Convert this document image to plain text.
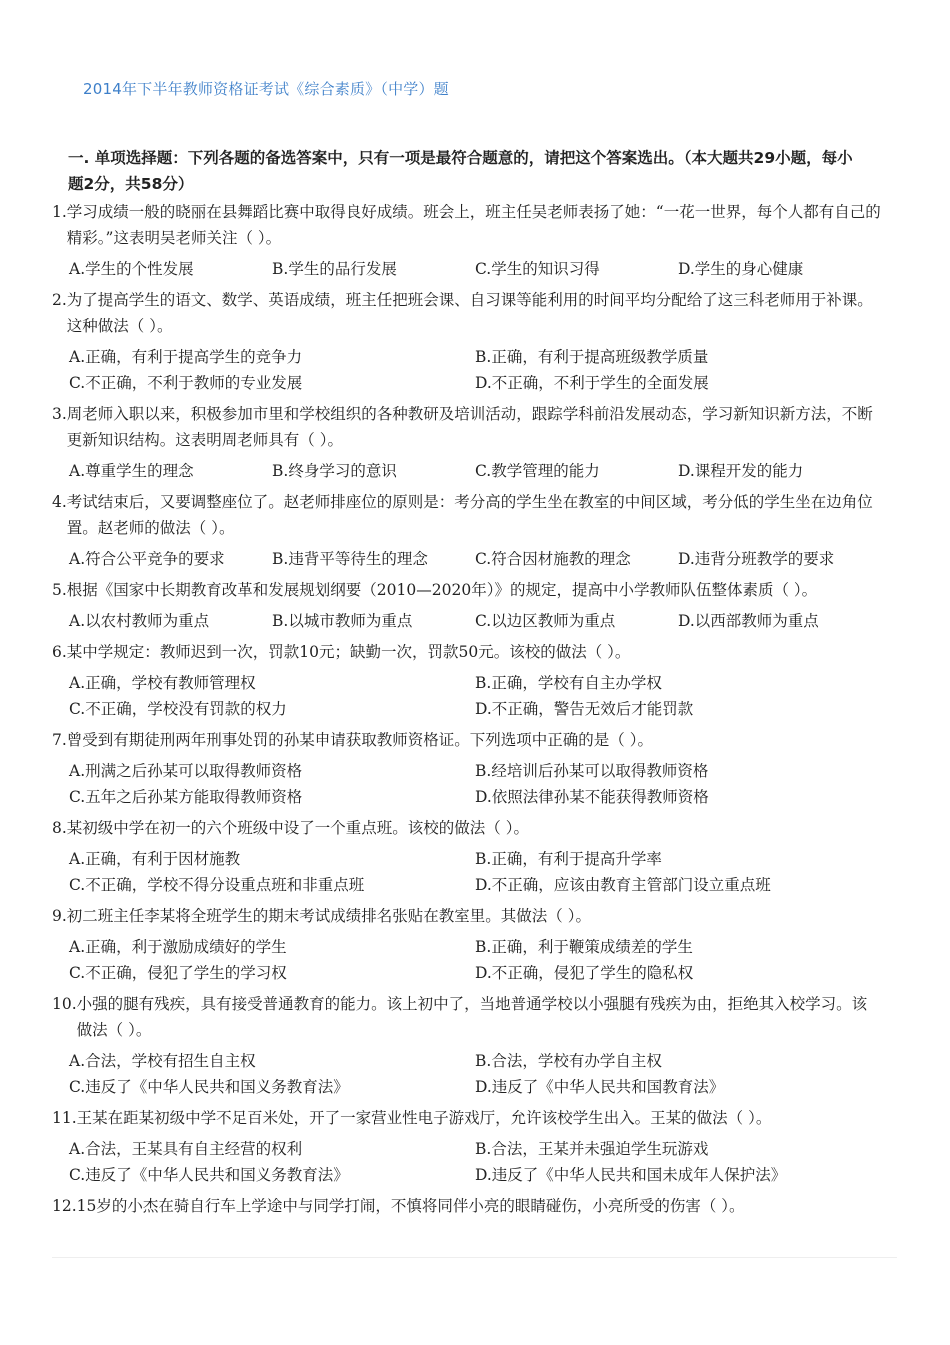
2014年下半年教师资格证考试《综合素质》（中学）题
一. 单项选择题：下列各题的备选答案中，只有一项是最符合题意的，请把这个答案选出。（本大题共29小题，每小题2分，共58分）
1. 学习成绩一般的晓丽在县舞蹈比赛中取得良好成绩。班会上，班主任吴老师表扬了她：“一花一世界，每个人都有自己的精彩。”这表明吴老师关注（ ）。
A.学生的个性发展	B.学生的品行发展	C.学生的知识习得	D.学生的身心健康
2. 为了提高学生的语文、数学、英语成绩，班主任把班会课、自习课等能利用的时间平均分配给了这三科老师用于补课。这种做法（ ）。
A.正确，有利于提高学生的竞争力	B.正确，有利于提高班级教学质量
C.不正确，不利于教师的专业发展	D.不正确，不利于学生的全面发展
3. 周老师入职以来，积极参加市里和学校组织的各种教研及培训活动，跟踪学科前沿发展动态，学习新知识新方法，不断更新知识结构。这表明周老师具有（ ）。
A.尊重学生的理念	B.终身学习的意识	C.教学管理的能力	D.课程开发的能力
4. 考试结束后，又要调整座位了。赵老师排座位的原则是：考分高的学生坐在教室的中间区域，考分低的学生坐在边角位置。赵老师的做法（ ）。
A.符合公平竞争的要求	B.违背平等待生的理念	C.符合因材施教的理念	D.违背分班教学的要求
5. 根据《国家中长期教育改革和发展规划纲要（2010—2020年）》的规定，提高中小学教师队伍整体素质（ ）。
A.以农村教师为重点	B.以城市教师为重点	C.以边区教师为重点	D.以西部教师为重点
6. 某中学规定：教师迟到一次，罚款10元；缺勤一次，罚款50元。该校的做法（ ）。
A.正确，学校有教师管理权	B.正确，学校有自主办学权
C.不正确，学校没有罚款的权力	D.不正确，警告无效后才能罚款
7. 曾受到有期徒刑两年刑事处罚的孙某申请获取教师资格证。下列选项中正确的是（ ）。
A.刑满之后孙某可以取得教师资格	B.经培训后孙某可以取得教师资格
C.五年之后孙某方能取得教师资格	D.依照法律孙某不能获得教师资格
8. 某初级中学在初一的六个班级中设了一个重点班。该校的做法（ ）。
A.正确，有利于因材施教	B.正确，有利于提高升学率
C.不正确，学校不得分设重点班和非重点班	D.不正确，应该由教育主管部门设立重点班
9. 初二班主任李某将全班学生的期末考试成绩排名张贴在教室里。其做法（ ）。
A.正确，利于激励成绩好的学生	B.正确，利于鞭策成绩差的学生
C.不正确，侵犯了学生的学习权	D.不正确，侵犯了学生的隐私权
10. 小强的腿有残疾，具有接受普通教育的能力。该上初中了，当地普通学校以小强腿有残疾为由，拒绝其入校学习。该做法（ ）。
A.合法，学校有招生自主权	B.合法，学校有办学自主权
C.违反了《中华人民共和国义务教育法》	D.违反了《中华人民共和国教育法》
11. 王某在距某初级中学不足百米处，开了一家营业性电子游戏厅，允许该校学生出入。王某的做法（ ）。
A.合法，王某具有自主经营的权利	B.合法，王某并未强迫学生玩游戏
C.违反了《中华人民共和国义务教育法》	D.违反了《中华人民共和国未成年人保护法》
12. 15岁的小杰在骑自行车上学途中与同学打闹，不慎将同伴小亮的眼睛碰伤，小亮所受的伤害（ ）。
